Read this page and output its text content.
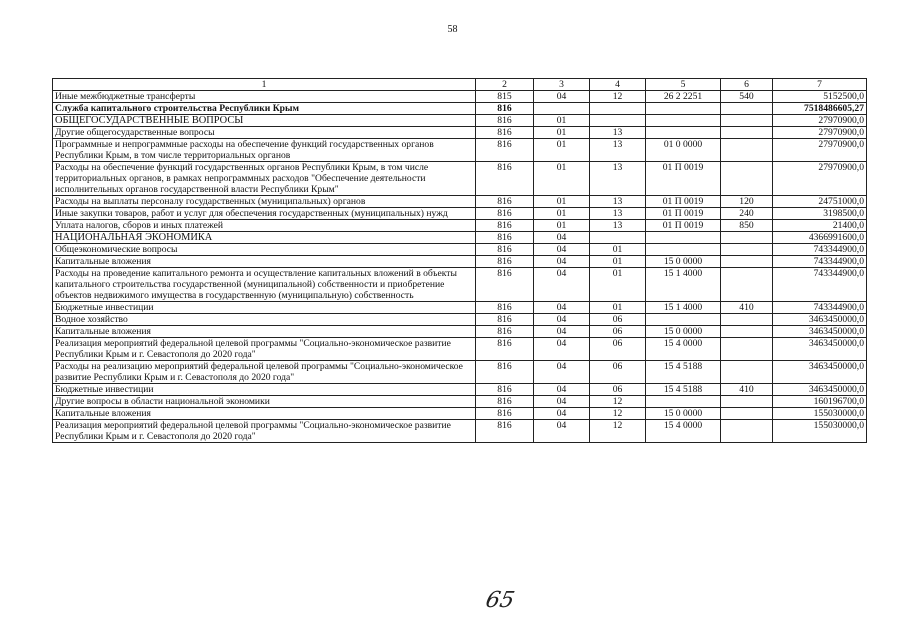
58
1	2	3	4	5	6	7
Иные межбюджетные трансферты	815	04	12	26 2 2251	540	5152500,0
Служба капитального строительства Республики Крым	816					7518486605,27
ОБЩЕГОСУДАРСТВЕННЫЕ ВОПРОСЫ	816	01				27970900,0
Другие общегосударственные вопросы	816	01	13			27970900,0
Программные и непрограммные расходы на обеспечение функций государственных органов Республики Крым, в том числе территориальных органов	816	01	13	01 0 0000		27970900,0
Расходы на обеспечение функций государственных органов Республики Крым, в том числе территориальных органов, в рамках непрограммных расходов "Обеспечение деятельности исполнительных органов государственной власти Республики Крым"	816	01	13	01 П 0019		27970900,0
Расходы на выплаты персоналу государственных (муниципальных) органов	816	01	13	01 П 0019	120	24751000,0
Иные закупки товаров, работ и услуг для обеспечения государственных (муниципальных) нужд	816	01	13	01 П 0019	240	3198500,0
Уплата налогов, сборов и иных платежей	816	01	13	01 П 0019	850	21400,0
НАЦИОНАЛЬНАЯ ЭКОНОМИКА	816	04				4366991600,0
Общеэкономические вопросы	816	04	01			743344900,0
Капитальные вложения	816	04	01	15 0 0000		743344900,0
Расходы на проведение капитального ремонта и осуществление капитальных вложений в объекты капитального строительства государственной (муниципальной) собственности и приобретение объектов недвижимого имущества в государственную (муниципальную) собственность	816	04	01	15 1 4000		743344900,0
Бюджетные инвестиции	816	04	01	15 1 4000	410	743344900,0
Водное хозяйство	816	04	06			3463450000,0
Капитальные вложения	816	04	06	15 0 0000		3463450000,0
Реализация мероприятий федеральной целевой программы "Социально-экономическое развитие Республики Крым и г. Севастополя до 2020 года"	816	04	06	15 4 0000		3463450000,0
Расходы на реализацию мероприятий федеральной целевой программы "Социально-экономическое развитие Республики Крым и г. Севастополя до 2020 года"	816	04	06	15 4 5188		3463450000,0
Бюджетные инвестиции	816	04	06	15 4 5188	410	3463450000,0
Другие вопросы в области национальной экономики	816	04	12			160196700,0
Капитальные вложения	816	04	12	15 0 0000		155030000,0
Реализация мероприятий федеральной целевой программы "Социально-экономическое развитие Республики Крым и г. Севастополя до 2020 года"	816	04	12	15 4 0000		155030000,0
65
